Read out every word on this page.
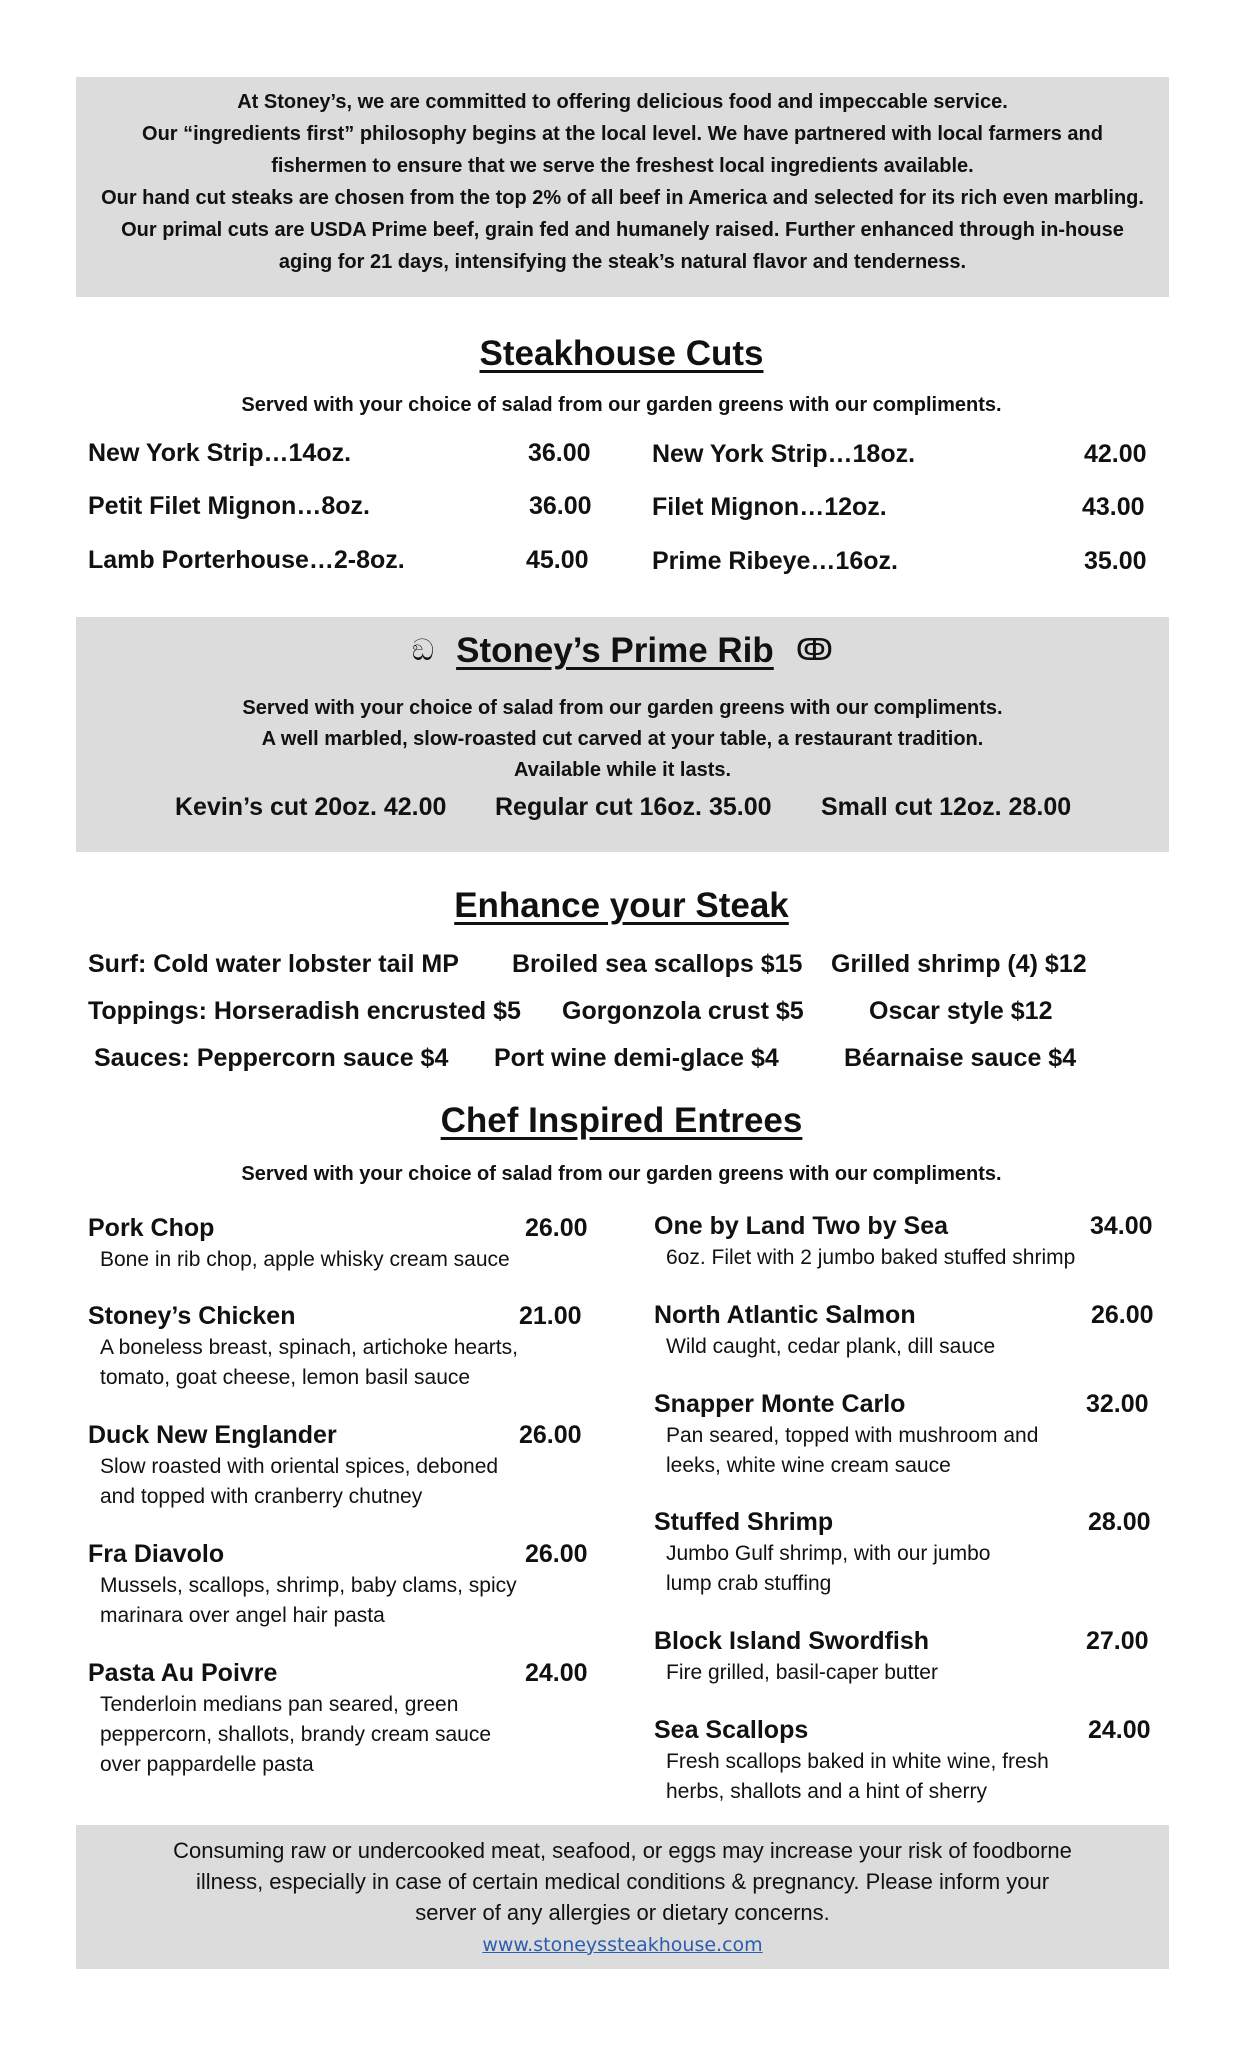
At Stoney’s, we are committed to offering delicious food and impeccable service.

Our “ingredients first” philosophy begins at the local level. We have partnered with local farmers and fishermen to ensure that we serve the freshest local ingredients available.

Our hand cut steaks are chosen from the top 2% of all beef in America and selected for its rich even marbling. Our primal cuts are USDA Prime beef, grain fed and humanely raised. Further enhanced through in-house aging for 21 days, intensifying the steak’s natural flavor and tenderness.

Steakhouse Cuts
Served with your choice of salad from our garden greens with our compliments.
New York Strip…14oz.	36.00 New York Strip…18oz.	42.00
Petit Filet Mignon…8oz.	36.00 Filet Mignon…12oz.	43.00
Lamb Porterhouse…2-8oz.	45.00	Prime Ribeye…16oz.	35.00
ඞ Stoney’s Prime Rib ↂ
Served with your choice of salad from our garden greens with our compliments.
A well marbled, slow-roasted cut carved at your table, a restaurant tradition.
Available while it lasts.
Kevin’s cut 20oz. 42.00 Regular cut 16oz. 35.00 Small cut 12oz. 28.00
Enhance your Steak
Surf: Cold water lobster tail MP Broiled sea scallops $15 Grilled shrimp (4) $12
Toppings: Horseradish encrusted $5 Gorgonzola crust $5	Oscar style $12
Sauces: Peppercorn sauce $4 Port wine demi-glace $4	Béarnaise sauce $4
Chef Inspired Entrees
Served with your choice of salad from our garden greens with our compliments.
Pork Chop	26.00
Bone in rib chop, apple whisky cream sauce
Stoney’s Chicken	21.00
A boneless breast, spinach, artichoke hearts,
tomato, goat cheese, lemon basil sauce
Duck New Englander	26.00
Slow roasted with oriental spices, deboned
and topped with cranberry chutney
Fra Diavolo	26.00
Mussels, scallops, shrimp, baby clams, spicy
marinara over angel hair pasta
Pasta Au Poivre	24.00
Tenderloin medians pan seared, green
peppercorn, shallots, brandy cream sauce
over pappardelle pasta
One by Land Two by Sea	34.00
6oz. Filet with 2 jumbo baked stuffed shrimp
North Atlantic Salmon	26.00
Wild caught, cedar plank, dill sauce
Snapper Monte Carlo	32.00
Pan seared, topped with mushroom and
leeks, white wine cream sauce
Stuffed Shrimp	28.00
Jumbo Gulf shrimp, with our jumbo
lump crab stuffing
Block Island Swordfish	27.00
Fire grilled, basil-caper butter
Sea Scallops	24.00
Fresh scallops baked in white wine, fresh
herbs, shallots and a hint of sherry
Consuming raw or undercooked meat, seafood, or eggs may increase your risk of foodborne illness, especially in case of certain medical conditions & pregnancy. Please inform your server of any allergies or dietary concerns.
www.stoneyssteakhouse.com
